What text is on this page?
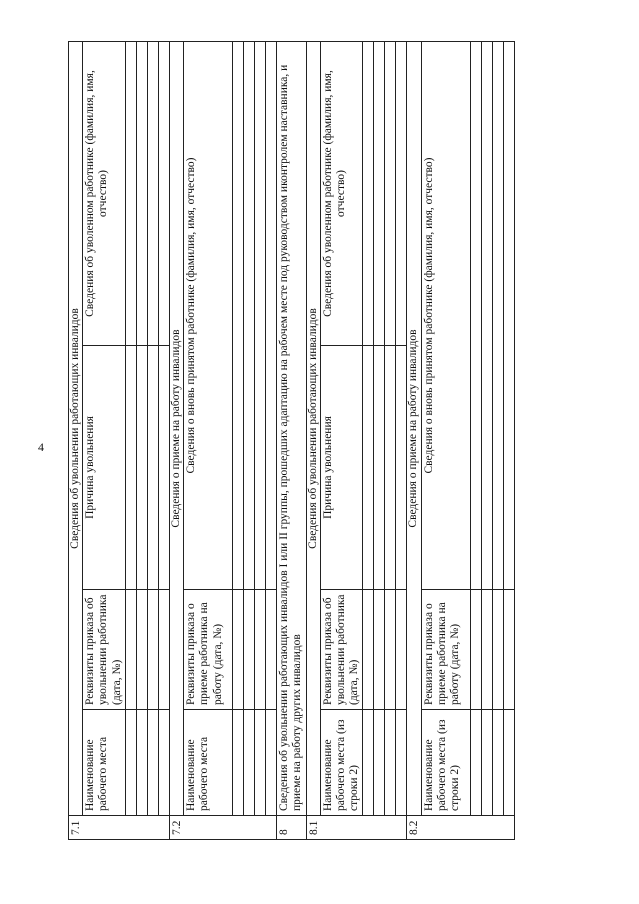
4
7.1	Сведения об увольнении работающих инвалидов			
	Наименование рабочего места	Реквизиты приказа об увольнении работника (дата, №)	Причина увольнения	Сведения об уволенном работнике (фамилия, имя, отчество)

7.2	Сведения о приеме на работу инвалидов			
	Наименование рабочего места	Реквизиты приказа о приеме работника на работу (дата, №)	Сведения о вновь принятом работнике (фамилия, имя, отчество)	

8	Сведения об увольнении работающих инвалидов I или II группы, прошедших адаптацию на рабочем месте под руководством иконтролем наставника, и приеме на работу других инвалидов			
8.1	Сведения об увольнении работающих инвалидов			
	Наименование рабочего места (из строки 2)	Реквизиты приказа об увольнении работника (дата, №)	Причина увольнения	Сведения об уволенном работнике (фамилия, имя, отчество)

8.2	Сведения о приеме на работу инвалидов			
	Наименование рабочего места (из строки 2)	Реквизиты приказа о приеме работника на работу (дата, №)	Сведения о вновь принятом работнике (фамилия, имя, отчество)	
